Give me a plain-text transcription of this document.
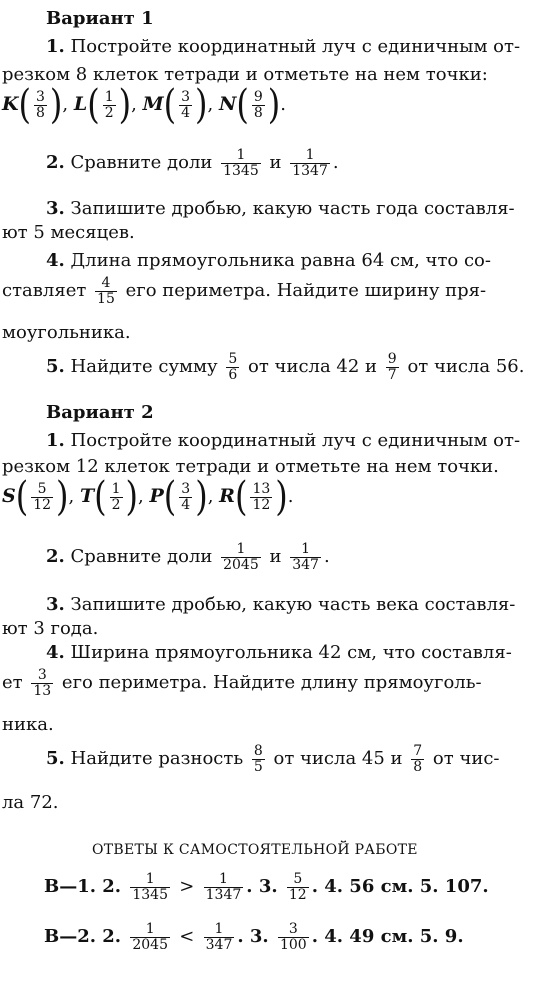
Вариант 1
1. Постройте координатный луч с единичным от-
резком 8 клеток тетради и отметьте на нем точки:
$K( \frac{3}{8}$ ), $L( \frac{1}{2}$ ), $M( \frac{3}{4}$ ), $N( \frac{9}{8}$ ).
2. Сравните доли $\frac{1}{1345}$ и $\frac{1}{1347}$ .
3. Запишите дробью, какую часть года составля-
ют 5 месяцев.
4. Длина прямоугольника равна 64 см, что со-
ставляет $\frac{4}{15}$ его периметра. Найдите ширину пря-
моугольника.
5. Найдите сумму $\frac{5}{6}$ от числа 42 и $\frac{9}{7}$ от числа 56.
Вариант 2
1. Постройте координатный луч с единичным от-
резком 12 клеток тетради и отметьте на нем точки.
$S( \frac{5}{12}$ ), $T( \frac{1}{2}$ ), $P( \frac{3}{4}$ ), $R( \frac{13}{12}$ ).
2. Сравните доли $\frac{1}{2045}$ и $\frac{1}{347}$ .
3. Запишите дробью, какую часть века составля-
ют 3 года.
4. Ширина прямоугольника 42 см, что составля-
ет $\frac{3}{13}$ его периметра. Найдите длину прямоуголь-
ника.
5. Найдите разность $\frac{8}{5}$ от числа 45 и $\frac{7}{8}$ от чис-
ла 72.
ОТВЕТЫ К САМОСТОЯТЕЛЬНОЙ РАБОТЕ
В—1. 2. $\frac{1}{1345} > \frac{1}{1347}$ . 3. $\frac{5}{12}$ . 4. 56 см. 5. 107.
В—2. 2. $\frac{1}{2045} < \frac{1}{347}$ . 3. $\frac{3}{100}$ . 4. 49 см. 5. 9.
